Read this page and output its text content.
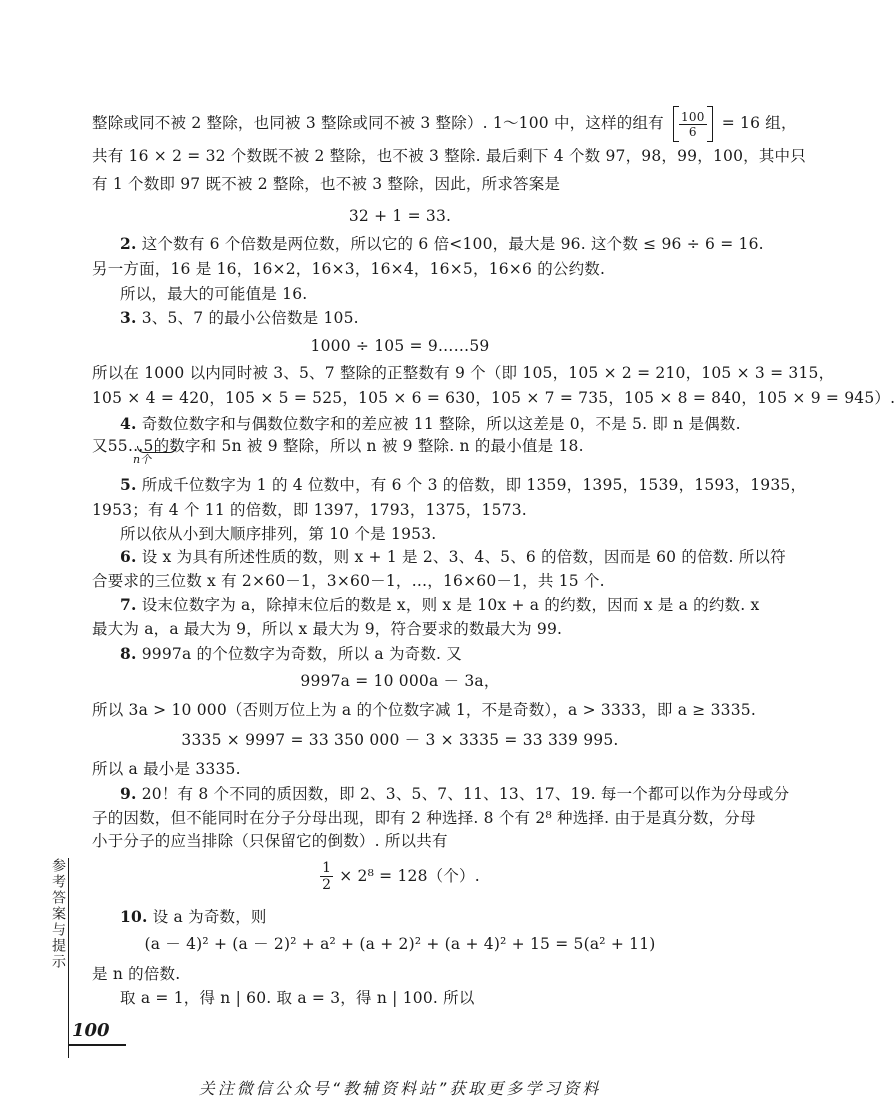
整除或同不被 2 整除，也同被 3 整除或同不被 3 整除）. 1～100 中，这样的组有 $\frac{100}{6} = 16$ 组，
共有 16 × 2 = 32 个数既不被 2 整除，也不被 3 整除. 最后剩下 4 个数 97，98，99，100，其中只
有 1 个数即 97 既不被 2 整除，也不被 3 整除，因此，所求答案是
32 + 1 = 33.
2. 这个数有 6 个倍数是两位数，所以它的 6 倍<100，最大是 96. 这个数 ≤ 96 ÷ 6 = 16.
另一方面，16 是 16，16×2，16×3，16×4，16×5，16×6 的公约数.
所以，最大的可能值是 16.
3. 3、5、7 的最小公倍数是 105.
1000 ÷ 105 = 9……59
所以在 1000 以内同时被 3、5、7 整除的正整数有 9 个（即 105，105 × 2 = 210，105 × 3 = 315，
105 × 4 = 420，105 × 5 = 525，105 × 6 = 630，105 × 7 = 735，105 × 8 = 840，105 × 9 = 945）.
4. 奇数位数字和与偶数位数字和的差应被 11 整除，所以这差是 0，不是 5. 即 n 是偶数.
又55…5的数字和 5n 被 9 整除，所以 n 被 9 整除. n 的最小值是 18.
n个
5. 所成千位数字为 1 的 4 位数中，有 6 个 3 的倍数，即 1359，1395，1539，1593，1935，
1953；有 4 个 11 的倍数，即 1397，1793，1375，1573.
所以依从小到大顺序排列，第 10 个是 1953.
6. 设 x 为具有所述性质的数，则 x + 1 是 2、3、4、5、6 的倍数，因而是 60 的倍数. 所以符
合要求的三位数 x 有 2×60－1，3×60－1，…，16×60－1，共 15 个.
7. 设末位数字为 a，除掉末位后的数是 x，则 x 是 10x + a 的约数，因而 x 是 a 的约数. x
最大为 a，a 最大为 9，所以 x 最大为 9，符合要求的数最大为 99.
8. 9997a 的个位数字为奇数，所以 a 为奇数. 又
9997a = 10 000a － 3a，
所以 3a > 10 000（否则万位上为 a 的个位数字减 1，不是奇数），a > 3333，即 a ≥ 3335.
3335 × 9997 = 33 350 000 － 3 × 3335 = 33 339 995.
所以 a 最小是 3335.
9. 20！有 8 个不同的质因数，即 2、3、5、7、11、13、17、19. 每一个都可以作为分母或分
子的因数，但不能同时在分子分母出现，即有 2 种选择. 8 个有 2⁸ 种选择. 由于是真分数，分母
小于分子的应当排除（只保留它的倒数）. 所以共有
$\frac{1}{2} \times 2^8 = 128$（个）.
10. 设 a 为奇数，则
(a － 4)² + (a － 2)² + a² + (a + 2)² + (a + 4)² + 15 = 5(a² + 11)
是 n 的倍数.
取 a = 1，得 n | 60. 取 a = 3，得 n | 100. 所以
参考答案与提示
100
关注微信公众号“教辅资料站”获取更多学习资料
